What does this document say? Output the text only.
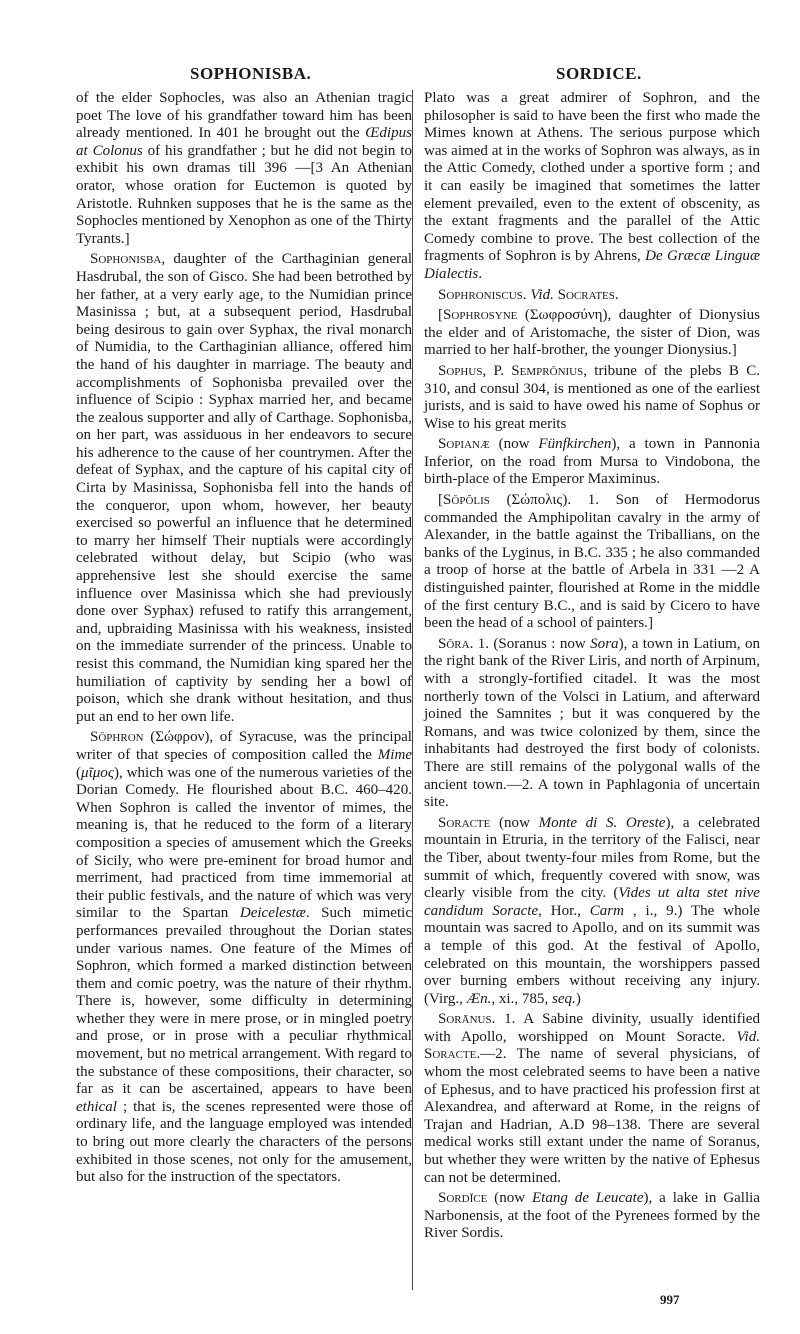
SOPHONISBA.	SORDICE.

of the elder Sophocles, was also an Athenian tragic poet The love of his grandfather toward him has been already mentioned. In 401 he brought out the Œdipus at Colonus of his grandfather ; but he did not begin to exhibit his own dramas till 396 —[3 An Athenian orator, whose oration for Euctemon is quoted by Aristotle. Ruhnken supposes that he is the same as the Sophocles mentioned by Xenophon as one of the Thirty Tyrants.]

Sophonisba, daughter of the Carthaginian general Hasdrubal, the son of Gisco. She had been betrothed by her father, at a very early age, to the Numidian prince Masinissa ; but, at a subsequent period, Hasdrubal being desirous to gain over Syphax, the rival monarch of Numidia, to the Carthaginian alliance, offered him the hand of his daughter in marriage. The beauty and accomplishments of Sophonisba prevailed over the influence of Scipio : Syphax married her, and became the zealous supporter and ally of Carthage. Sophonisba, on her part, was assiduous in her endeavors to secure his adherence to the cause of her countrymen. After the defeat of Syphax, and the capture of his capital city of Cirta by Masinissa, Sophonisba fell into the hands of the conqueror, upon whom, however, her beauty exercised so powerful an influence that he determined to marry her himself Their nuptials were accordingly celebrated without delay, but Scipio (who was apprehensive lest she should exercise the same influence over Masinissa which she had previously done over Syphax) refused to ratify this arrangement, and, upbraiding Masinissa with his weakness, insisted on the immediate surrender of the princess. Unable to resist this command, the Numidian king spared her the humiliation of captivity by sending her a bowl of poison, which she drank without hesitation, and thus put an end to her own life.

Sōphron (Σώφρον), of Syracuse, was the principal writer of that species of composition called the Mime (μῖμος), which was one of the numerous varieties of the Dorian Comedy. He flourished about B.C. 460–420. When Sophron is called the inventor of mimes, the meaning is, that he reduced to the form of a literary composition a species of amusement which the Greeks of Sicily, who were pre-eminent for broad humor and merriment, had practiced from time immemorial at their public festivals, and the nature of which was very similar to the Spartan Deicelestæ. Such mimetic performances prevailed throughout the Dorian states under various names. One feature of the Mimes of Sophron, which formed a marked distinction between them and comic poetry, was the nature of their rhythm. There is, however, some difficulty in determining whether they were in mere prose, or in mingled poetry and prose, or in prose with a peculiar rhythmical movement, but no metrical arrangement. With regard to the substance of these compositions, their character, so far as it can be ascertained, appears to have been ethical ; that is, the scenes represented were those of ordinary life, and the language employed was intended to bring out more clearly the characters of the persons exhibited in those scenes, not only for the amusement, but also for the instruction of the spectators.

Plato was a great admirer of Sophron, and the philosopher is said to have been the first who made the Mimes known at Athens. The serious purpose which was aimed at in the works of Sophron was always, as in the Attic Comedy, clothed under a sportive form ; and it can easily be imagined that sometimes the latter element prevailed, even to the extent of obscenity, as the extant fragments and the parallel of the Attic Comedy combine to prove. The best collection of the fragments of Sophron is by Ahrens, De Græcæ Linguæ Dialectis.

Sophroniscus. Vid. Socrates.

[Sophrosyne (Σωφροσύνη), daughter of Dionysius the elder and of Aristomache, the sister of Dion, was married to her half-brother, the younger Dionysius.]

Sophus, P. Semprōnius, tribune of the plebs B C. 310, and consul 304, is mentioned as one of the earliest jurists, and is said to have owed his name of Sophus or Wise to his great merits

Sopianæ (now Fünfkirchen), a town in Pannonia Inferior, on the road from Mursa to Vindobona, the birth-place of the Emperor Maximinus.

[Sōpŏlis (Σώπολις). 1. Son of Hermodorus commanded the Amphipolitan cavalry in the army of Alexander, in the battle against the Triballians, on the banks of the Lyginus, in B.C. 335 ; he also commanded a troop of horse at the battle of Arbela in 331 —2 A distinguished painter, flourished at Rome in the middle of the first century B.C., and is said by Cicero to have been the head of a school of painters.]

Sōra. 1. (Soranus : now Sora), a town in Latium, on the right bank of the River Liris, and north of Arpinum, with a strongly-fortified citadel. It was the most northerly town of the Volsci in Latium, and afterward joined the Samnites ; but it was conquered by the Romans, and was twice colonized by them, since the inhabitants had destroyed the first body of colonists. There are still remains of the polygonal walls of the ancient town.—2. A town in Paphlagonia of uncertain site.

Soracte (now Monte di S. Oreste), a celebrated mountain in Etruria, in the territory of the Falisci, near the Tiber, about twenty-four miles from Rome, but the summit of which, frequently covered with snow, was clearly visible from the city. (Vides ut alta stet nive candidum Soracte, Hor., Carm , i., 9.) The whole mountain was sacred to Apollo, and on its summit was a temple of this god. At the festival of Apollo, celebrated on this mountain, the worshippers passed over burning embers without receiving any injury. (Virg., Æn., xi., 785, seq.)

Sorānus. 1. A Sabine divinity, usually identified with Apollo, worshipped on Mount Soracte. Vid. Soracte.—2. The name of several physicians, of whom the most celebrated seems to have been a native of Ephesus, and to have practiced his profession first at Alexandrea, and afterward at Rome, in the reigns of Trajan and Hadrian, A.D 98–138. There are several medical works still extant under the name of Soranus, but whether they were written by the native of Ephesus can not be determined.

Sordĭce (now Etang de Leucate), a lake in Gallia Narbonensis, at the foot of the Pyrenees formed by the River Sordis.

997
